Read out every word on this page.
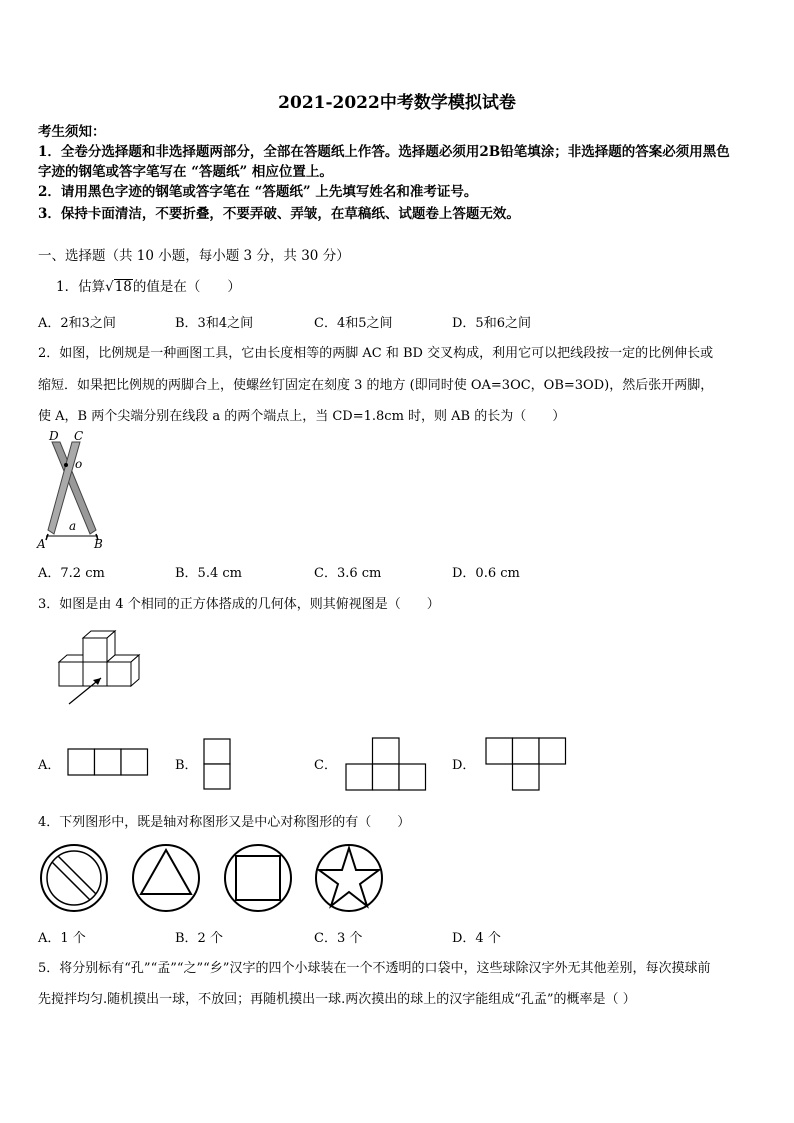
2021-2022中考数学模拟试卷
考生须知：
1．全卷分选择题和非选择题两部分，全部在答题纸上作答。选择题必须用2B铅笔填涂；非选择题的答案必须用黑色
字迹的钢笔或答字笔写在 “答题纸” 相应位置上。
2．请用黑色字迹的钢笔或答字笔在 “答题纸” 上先填写姓名和准考证号。
3．保持卡面清洁，不要折叠，不要弄破、弄皱，在草稿纸、试题卷上答题无效。
一、选择题（共 10 小题，每小题 3 分，共 30 分）
1．估算√18的值是在（　　）
A．2和3之间	B．3和4之间	C．4和5之间	D．5和6之间
2．如图，比例规是一种画图工具，它由长度相等的两脚 AC 和 BD 交叉构成，利用它可以把线段按一定的比例伸长或
缩短．如果把比例规的两脚合上，使螺丝钉固定在刻度 3 的地方 (即同时使 OA=3OC，OB=3OD)，然后张开两脚，
使 A，B 两个尖端分别在线段 a 的两个端点上，当 CD=1.8cm 时，则 AB 的长为（　　）
D C
o
a
A	B
A．7.2 cm	B．5.4 cm	C．3.6 cm	D．0.6 cm
3．如图是由 4 个相同的正方体搭成的几何体，则其俯视图是（　　）
A．	B．	C．	D．
4．下列图形中，既是轴对称图形又是中心对称图形的有（　　）
A．1 个	B．2 个	C．3 个	D．4 个
5．将分别标有“孔”“孟”“之”“乡”汉字的四个小球装在一个不透明的口袋中，这些球除汉字外无其他差别，每次摸球前
先搅拌均匀.随机摸出一球，不放回；再随机摸出一球.两次摸出的球上的汉字能组成“孔孟”的概率是（ ）
